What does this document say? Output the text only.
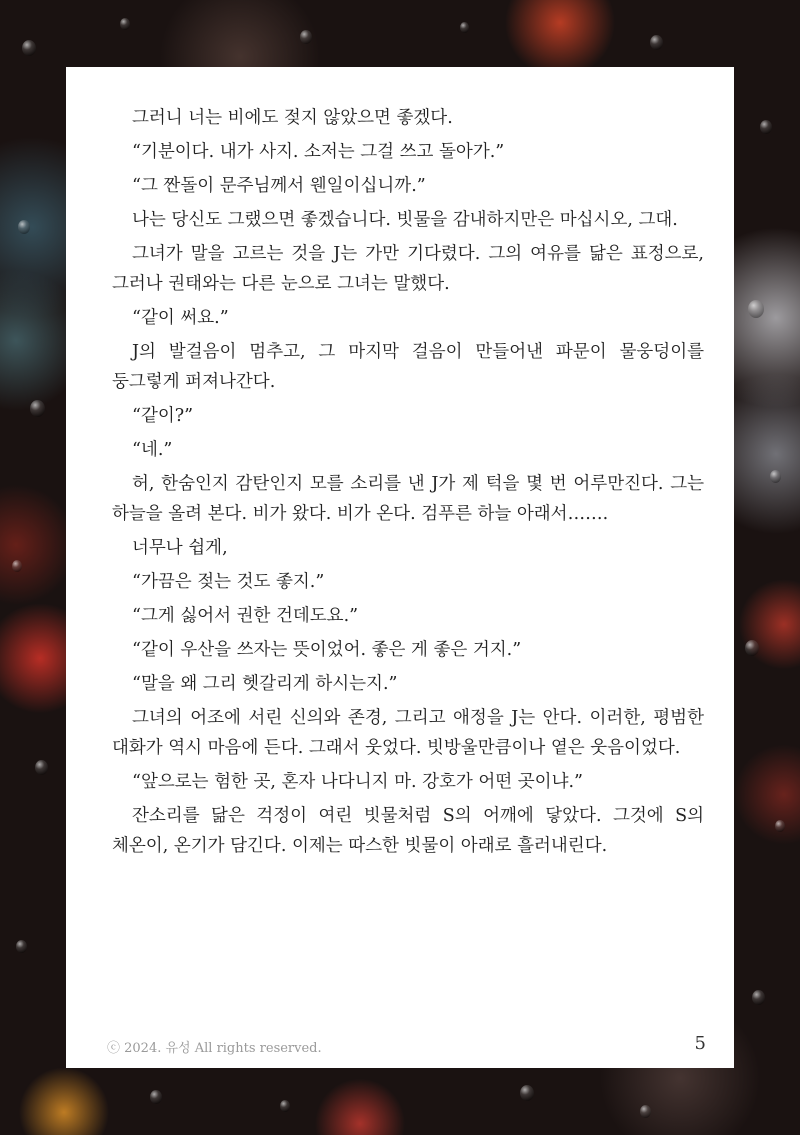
그러니 너는 비에도 젖지 않았으면 좋겠다.

“기분이다. 내가 사지. 소저는 그걸 쓰고 돌아가.”

“그 짠돌이 문주님께서 웬일이십니까.”

나는 당신도 그랬으면 좋겠습니다. 빗물을 감내하지만은 마십시오, 그대.

그녀가 말을 고르는 것을 J는 가만 기다렸다. 그의 여유를 닮은 표정으로, 그러나 권태와는 다른 눈으로 그녀는 말했다.

“같이 써요.”

J의 발걸음이 멈추고, 그 마지막 걸음이 만들어낸 파문이 물웅덩이를 둥그렇게 퍼져나간다.

“같이?”

“네.”

허, 한숨인지 감탄인지 모를 소리를 낸 J가 제 턱을 몇 번 어루만진다. 그는 하늘을 올려 본다. 비가 왔다. 비가 온다. 검푸른 하늘 아래서…….

너무나 쉽게,

“가끔은 젖는 것도 좋지.”

“그게 싫어서 권한 건데도요.”

“같이 우산을 쓰자는 뜻이었어. 좋은 게 좋은 거지.”

“말을 왜 그리 헷갈리게 하시는지.”

그녀의 어조에 서린 신의와 존경, 그리고 애정을 J는 안다. 이러한, 평범한 대화가 역시 마음에 든다. 그래서 웃었다. 빗방울만큼이나 옅은 웃음이었다.

“앞으로는 험한 곳, 혼자 나다니지 마. 강호가 어떤 곳이냐.”

잔소리를 닮은 걱정이 여린 빗물처럼 S의 어깨에 닿았다. 그것에 S의 체온이, 온기가 담긴다. 이제는 따스한 빗물이 아래로 흘러내린다.

ⓒ 2024. 유성 All rights reserved.	5
